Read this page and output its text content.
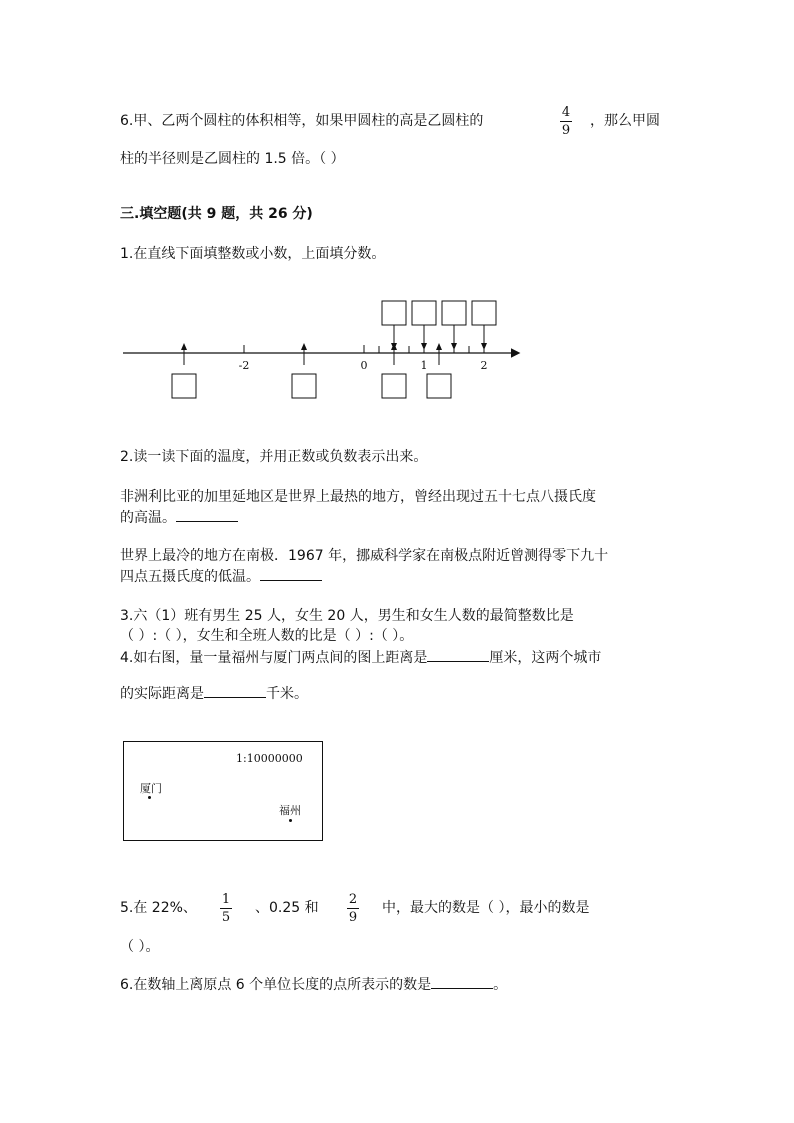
6.甲、乙两个圆柱的体积相等，如果甲圆柱的高是乙圆柱的
4
9
，那么甲圆
柱的半径则是乙圆柱的 1.5 倍。（ ）
三.填空题(共 9 题，共 26 分)
1.在直线下面填整数或小数，上面填分数。
-2	0	1	2
2.读一读下面的温度，并用正数或负数表示出来。
非洲利比亚的加里延地区是世界上最热的地方，曾经出现过五十七点八摄氏度
的高温。
世界上最冷的地方在南极．1967 年，挪威科学家在南极点附近曾测得零下九十
四点五摄氏度的低温。
3.六（1）班有男生 25 人，女生 20 人，男生和女生人数的最简整数比是
（ ）:（ ），女生和全班人数的比是（ ）:（ ）。
4.如右图，量一量福州与厦门两点间的图上距离是	厘米，这两个城市
的实际距离是	千米。
1:10000000
厦门
福州
5.在 22%、
1
5
、0.25 和
2
9
中，最大的数是（ ），最小的数是
（ ）。
6.在数轴上离原点 6 个单位长度的点所表示的数是	。
